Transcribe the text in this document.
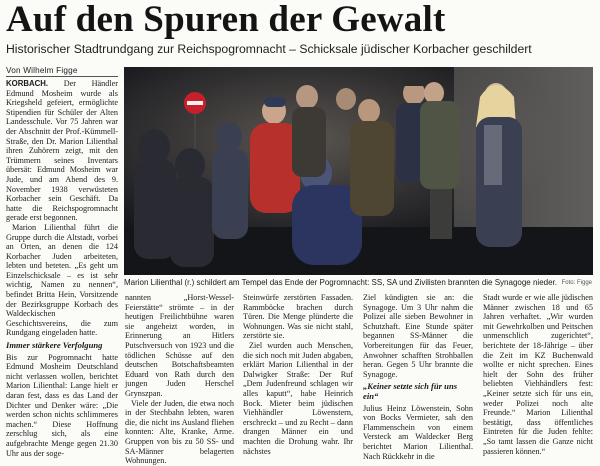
Auf den Spuren der Gewalt
Historischer Stadtrundgang zur Reichspogromnacht – Schicksale jüdischer Korbacher geschildert
Von Wilhelm Figge

KORBACH. Der Händler Edmund Mosheim wurde als Kriegsheld gefeiert, ermöglichte Stipendien für Schüler der Alten Landesschule. Vor 75 Jahren war der Abschnitt der Prof.-Kümmell-Straße, den Dr. Marion Lilienthal ihren Zuhörern zeigt, mit den Trümmern seines Inventars übersät: Edmund Mosheim war Jude, und am Abend des 9. November 1938 verwüsteten Korbacher sein Geschäft. Da hatte die Reichspogromnacht gerade erst begonnen.

Marion Lilienthal führt die Gruppe durch die Altstadt, vorbei an Orten, an denen die 124 Korbacher Juden arbeiteten, lebten und beteten. „Es geht um Einzelschicksale – es ist sehr wichtig, Namen zu nennen“, befindet Britta Hein, Vorsitzende der Bezirksgruppe Korbach des Waldeckischen Geschichtsvereins, die zum Rundgang eingeladen hatte.

Immer stärkere Verfolgung

Bis zur Pogromnacht hatte Edmund Mosheim Deutschland nicht verlassen wollen, berichtet Marion Lilienthal: Lange hielt er daran fest, dass es das Land der Dichter und Denker wäre: „Die werden schon nichts schlimmeres machen.“ Diese Hoffnung zerschlug sich, als eine aufgebrachte Menge gegen 21.30 Uhr aus der soge-

Marion Lilienthal (r.) schildert am Tempel das Ende der Pogromnacht: SS, SA und Zivilisten brannten die Synagoge nieder. Foto: Figge

nannten „Horst-Wessel-Feierstätte“ strömte – in der heutigen Freilichtbühne waren sie angeheizt worden, in Erinnerung an Hitlers Putschversuch von 1923 und die tödlichen Schüsse auf den deutschen Botschaftsbeamten Eduard von Rath durch den jungen Juden Herschel Grynszpan.

Viele der Juden, die etwa noch in der Stechbahn lebten, waren die, die nicht ins Ausland fliehen konnten: Alte, Kranke, Arme. Gruppen von bis zu 50 SS- und SA-Männer belagerten Wohnungen.

Steinwürfe zerstörten Fassaden. Rammböcke brachen durch Türen. Die Menge plünderte die Wohnungen. Was sie nicht stahl, zerstörte sie.

Ziel wurden auch Menschen, die sich noch mit Juden abgaben, erklärt Marion Lilienthal in der Dalwigker Straße: Der Ruf „Dem Judenfreund schlagen wir alles kaputt“, habe Heinrich Bock. Mieter beim jüdischen Viehhändler Löwenstern, erschreckt – und zu Recht – dann drangen Männer ein und machten die Drohung wahr. Ihr nächstes

Ziel kündigten sie an: die Synagoge. Um 3 Uhr nahm die Polizei alle sieben Bewohner in Schutzhaft. Eine Stunde später begannen SS-Männer die Vorbereitungen für das Feuer, Anwohner schafften Strohballen heran. Gegen 5 Uhr brannte die Synagoge.

„Keiner setzte sich für uns ein“

Julius Heinz Löwenstein, Sohn von Bocks Vermieter, sah den Flammenschein von einem Versteck am Waldecker Berg berichtet Marion Lilienthal. Nach Rückkehr in die

Stadt wurde er wie alle jüdischen Männer zwischen 18 und 65 Jahren verhaftet. „Wir wurden mit Gewehrkolben und Peitschen unmenschlich zugerichtet“, berichtete der 18-Jährige – über die Zeit im KZ Buchenwald wollte er nicht sprechen. Eines hielt der Sohn des früher beliebten Viehhändlers fest: „Keiner setzte sich für uns ein, weder Polizei noch alte Freunde.“ Marion Lilienthal bestätigt, dass öffentliches Eintreten für die Juden fehlte: „So tamt lassen die Ganze nicht passieren können.“
